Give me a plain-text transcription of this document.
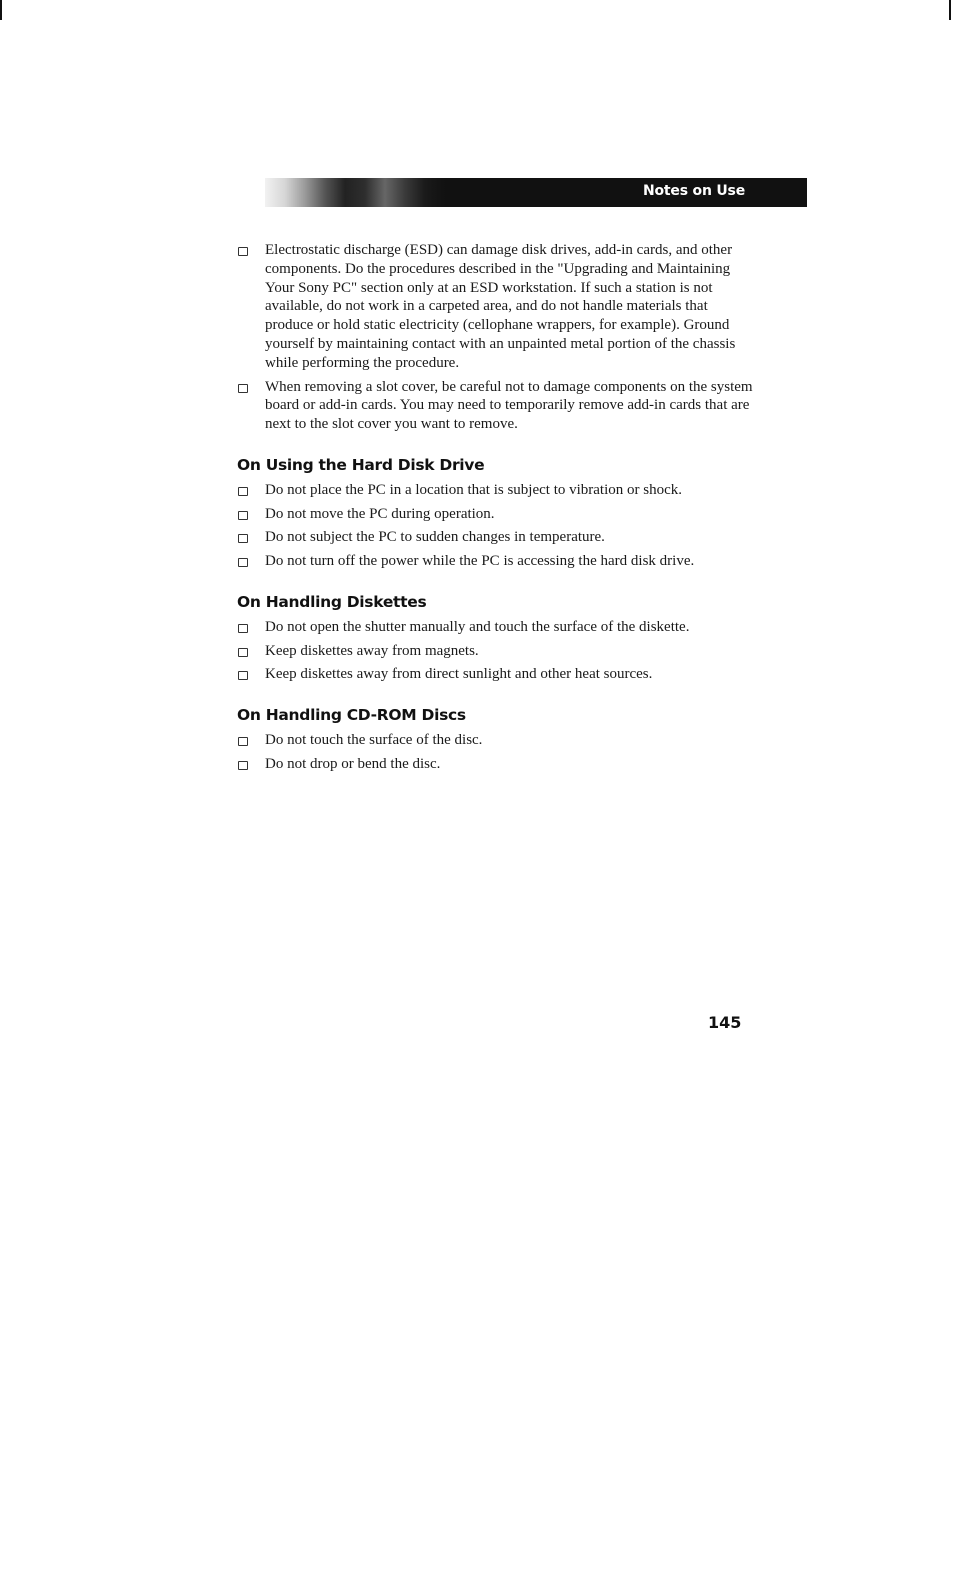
Notes on Use
Electrostatic discharge (ESD) can damage disk drives, add-in cards, and other components. Do the procedures described in the "Upgrading and Maintaining Your Sony PC" section only at an ESD workstation. If such a station is not available, do not work in a carpeted area, and do not handle materials that produce or hold static electricity (cellophane wrappers, for example). Ground yourself by maintaining contact with an unpainted metal portion of the chassis while performing the procedure.
When removing a slot cover, be careful not to damage components on the system board or add-in cards. You may need to temporarily remove add-in cards that are next to the slot cover you want to remove.
On Using the Hard Disk Drive
Do not place the PC in a location that is subject to vibration or shock.
Do not move the PC during operation.
Do not subject the PC to sudden changes in temperature.
Do not turn off the power while the PC is accessing the hard disk drive.
On Handling Diskettes
Do not open the shutter manually and touch the surface of the diskette.
Keep diskettes away from magnets.
Keep diskettes away from direct sunlight and other heat sources.
On Handling CD-ROM Discs
Do not touch the surface of the disc.
Do not drop or bend the disc.
145
